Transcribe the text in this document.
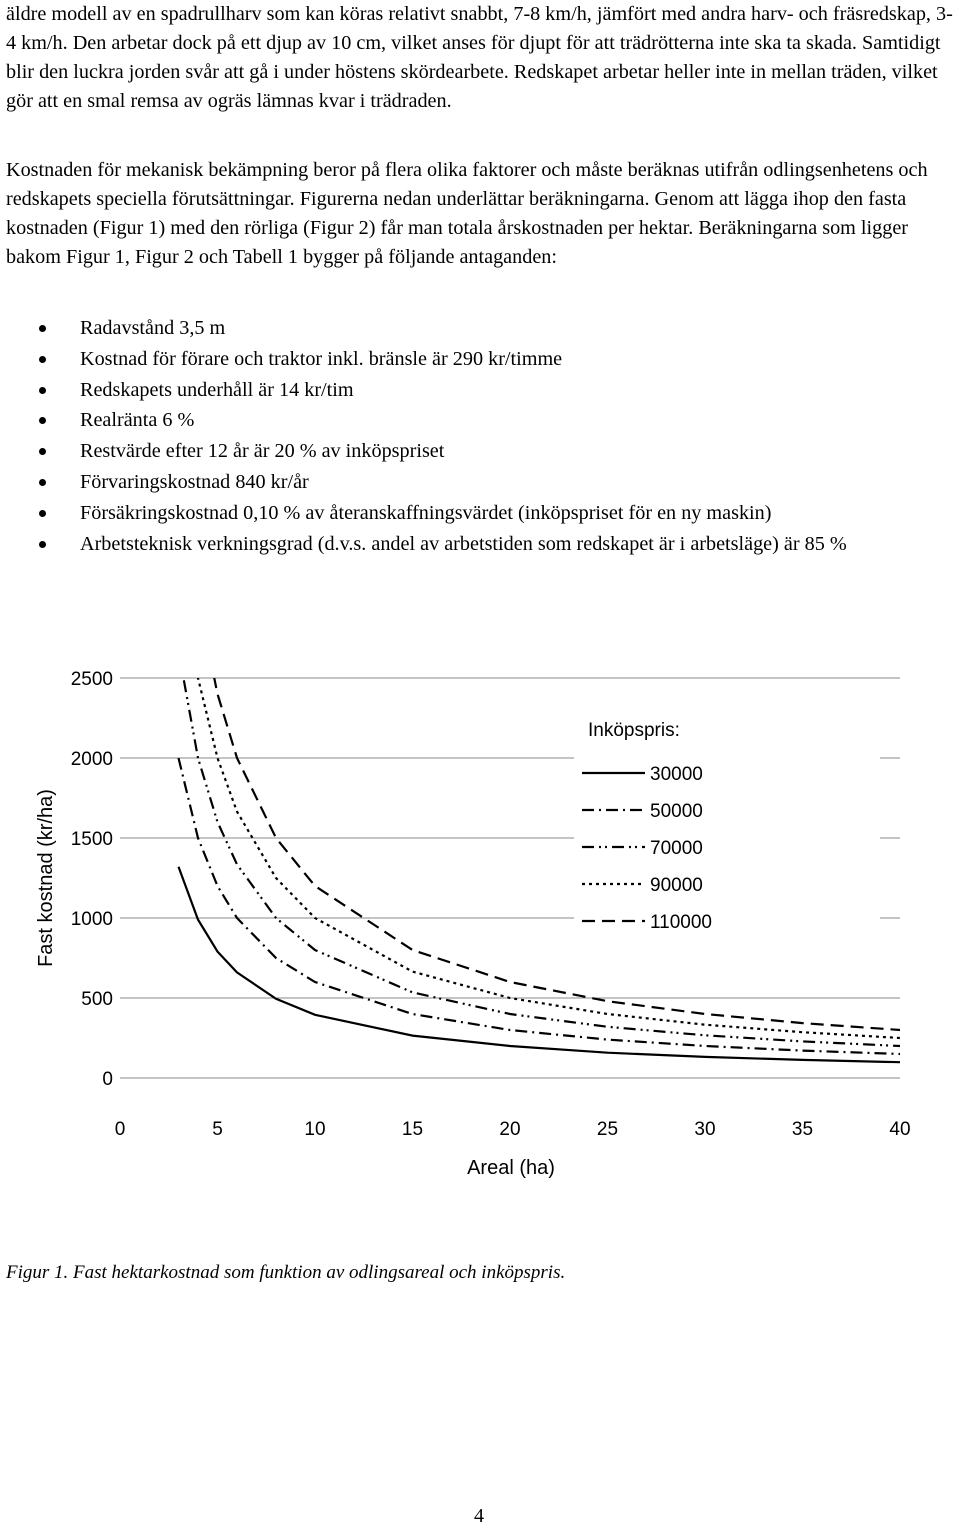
äldre modell av en spadrullharv som kan köras relativt snabbt, 7-8 km/h, jämfört med andra harv- och fräsredskap, 3-4 km/h. Den arbetar dock på ett djup av 10 cm, vilket anses för djupt för att trädrötterna inte ska ta skada. Samtidigt blir den luckra jorden svår att gå i under höstens skördearbete. Redskapet arbetar heller inte in mellan träden, vilket gör att en smal remsa av ogräs lämnas kvar i trädraden.

Kostnaden för mekanisk bekämpning beror på flera olika faktorer och måste beräknas utifrån odlingsenhetens och redskapets speciella förutsättningar. Figurerna nedan underlättar beräkningarna. Genom att lägga ihop den fasta kostnaden (Figur 1) med den rörliga (Figur 2) får man totala årskostnaden per hektar. Beräkningarna som ligger bakom Figur 1, Figur 2 och Tabell 1 bygger på följande antaganden:

Radavstånd 3,5 m
Kostnad för förare och traktor inkl. bränsle är 290 kr/timme
Redskapets underhåll är 14 kr/tim
Realränta 6 %
Restvärde efter 12 år är 20 % av inköpspriset
Förvaringskostnad 840 kr/år
Försäkringskostnad 0,10 % av återanskaffningsvärdet (inköpspriset för en ny maskin)
Arbetsteknisk verkningsgrad (d.v.s. andel av arbetstiden som redskapet är i arbetsläge) är 85 %
0
500
1000
1500
2000
2500
0	5	10	15	20	25	30	35	40
Inköpspris:
30000
50000
70000
90000
110000
Fast kostnad (kr/ha)
Areal (ha)
Figur 1. Fast hektarkostnad som funktion av odlingsareal och inköpspris.
4
